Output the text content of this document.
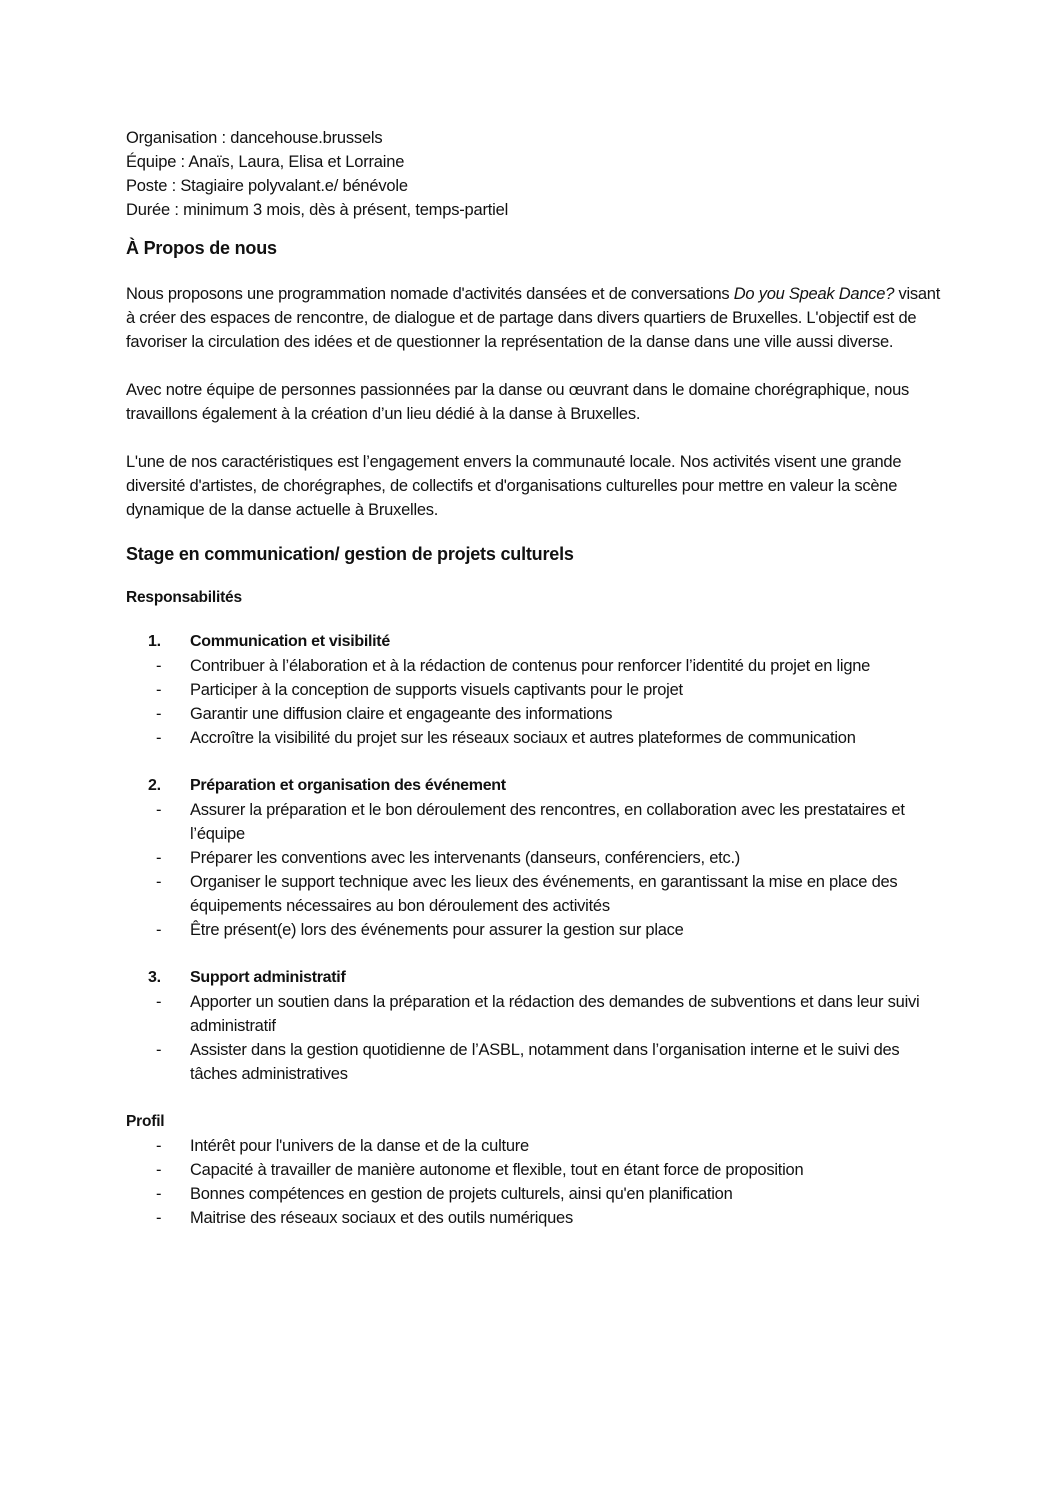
Organisation : dancehouse.brussels
Équipe : Anaïs, Laura, Elisa et Lorraine
Poste : Stagiaire polyvalant.e/ bénévole
Durée : minimum 3 mois, dès à présent, temps-partiel
À Propos de nous

Nous proposons une programmation nomade d'activités dansées et de conversations Do you Speak Dance? visant à créer des espaces de rencontre, de dialogue et de partage dans divers quartiers de Bruxelles. L'objectif est de favoriser la circulation des idées et de questionner la représentation de la danse dans une ville aussi diverse.

Avec notre équipe de personnes passionnées par la danse ou œuvrant dans le domaine chorégraphique, nous travaillons également à la création d’un lieu dédié à la danse à Bruxelles.

L'une de nos caractéristiques est l’engagement envers la communauté locale. Nos activités visent une grande diversité d'artistes, de chorégraphes, de collectifs et d'organisations culturelles pour mettre en valeur la scène dynamique de la danse actuelle à Bruxelles.

Stage en communication/ gestion de projets culturels
Responsabilités
1. Communication et visibilité
- Contribuer à l’élaboration et à la rédaction de contenus pour renforcer l’identité du projet en ligne
- Participer à la conception de supports visuels captivants pour le projet
- Garantir une diffusion claire et engageante des informations
- Accroître la visibilité du projet sur les réseaux sociaux et autres plateformes de communication
2. Préparation et organisation des événement
- Assurer la préparation et le bon déroulement des rencontres, en collaboration avec les prestataires et l’équipe
- Préparer les conventions avec les intervenants (danseurs, conférenciers, etc.)
- Organiser le support technique avec les lieux des événements, en garantissant la mise en place des équipements nécessaires au bon déroulement des activités
- Être présent(e) lors des événements pour assurer la gestion sur place
3. Support administratif
- Apporter un soutien dans la préparation et la rédaction des demandes de subventions et dans leur suivi administratif
- Assister dans la gestion quotidienne de l’ASBL, notamment dans l’organisation interne et le suivi des tâches administratives
Profil
- Intérêt pour l'univers de la danse et de la culture
- Capacité à travailler de manière autonome et flexible, tout en étant force de proposition
- Bonnes compétences en gestion de projets culturels, ainsi qu'en planification
- Maitrise des réseaux sociaux et des outils numériques
